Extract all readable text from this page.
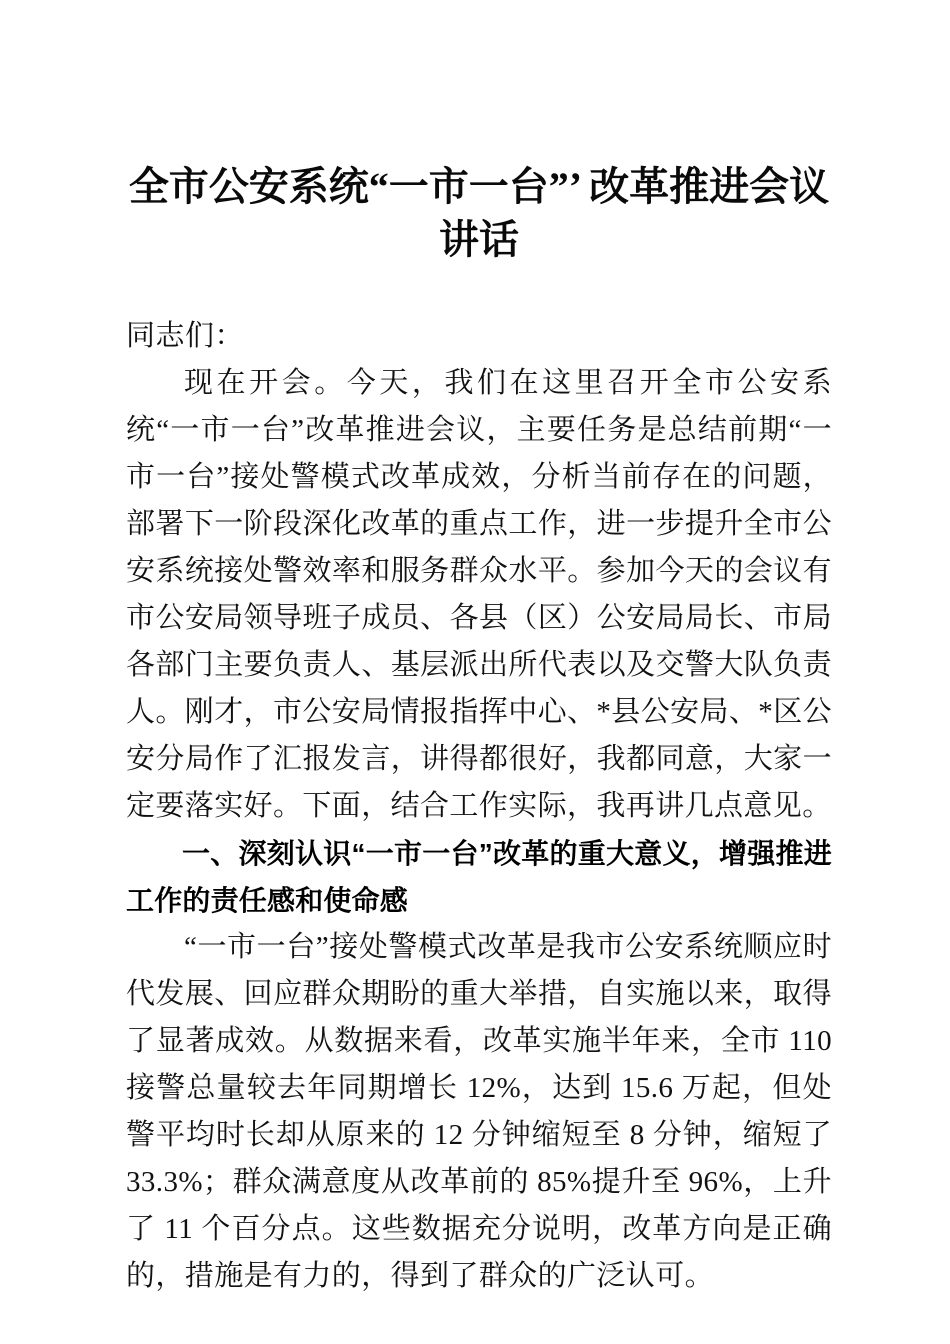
全市公安系统“一市一台”’ 改革推进会议讲话

同志们：

现在开会。今天，我们在这里召开全市公安系统“一市一台”改革推进会议，主要任务是总结前期“一市一台”接处警模式改革成效，分析当前存在的问题，部署下一阶段深化改革的重点工作，进一步提升全市公安系统接处警效率和服务群众水平。参加今天的会议有市公安局领导班子成员、各县（区）公安局局长、市局各部门主要负责人、基层派出所代表以及交警大队负责人。刚才，市公安局情报指挥中心、*县公安局、*区公安分局作了汇报发言，讲得都很好，我都同意，大家一定要落实好。下面，结合工作实际，我再讲几点意见。

一、深刻认识“一市一台”改革的重大意义，增强推进工作的责任感和使命感

“一市一台”接处警模式改革是我市公安系统顺应时代发展、回应群众期盼的重大举措，自实施以来，取得了显著成效。从数据来看，改革实施半年来，全市 110 接警总量较去年同期增长 12%，达到 15.6 万起，但处警平均时长却从原来的 12 分钟缩短至 8 分钟，缩短了 33.3%；群众满意度从改革前的 85%提升至 96%，上升了 11 个百分点。这些数据充分说明，改革方向是正确的，措施是有力的，得到了群众的广泛认可。
